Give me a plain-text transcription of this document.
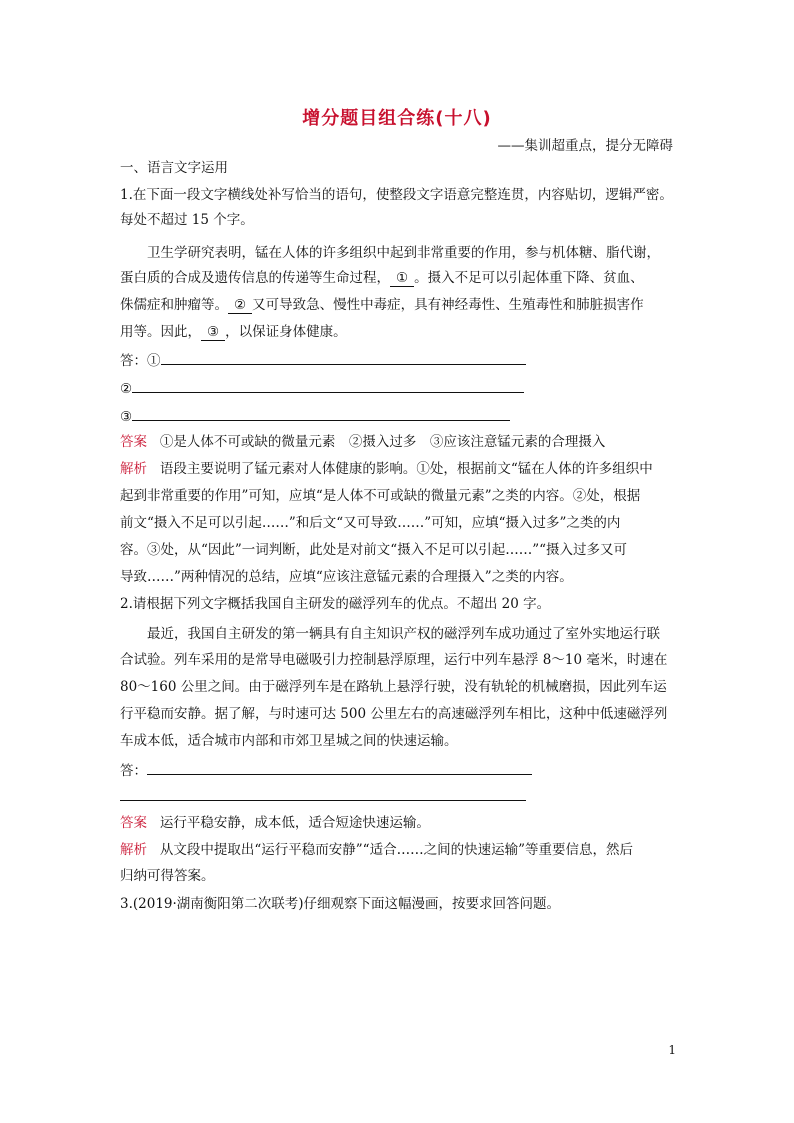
增分题目组合练(十八)
——集训超重点，提分无障碍
一、语言文字运用
1.在下面一段文字横线处补写恰当的语句，使整段文字语意完整连贯，内容贴切，逻辑严密。
每处不超过 15 个字。
卫生学研究表明，锰在人体的许多组织中起到非常重要的作用，参与机体糖、脂代谢，
蛋白质的合成及遗传信息的传递等生命过程， ① 。摄入不足可以引起体重下降、贫血、
侏儒症和肿瘤等。 ② 又可导致急、慢性中毒症，具有神经毒性、生殖毒性和肺脏损害作
用等。因此， ③ ，以保证身体健康。
答：①
②
③
答案 ①是人体不可或缺的微量元素　②摄入过多　③应该注意锰元素的合理摄入
解析 语段主要说明了锰元素对人体健康的影响。①处，根据前文“锰在人体的许多组织中
起到非常重要的作用”可知，应填“是人体不可或缺的微量元素”之类的内容。②处，根据
前文“摄入不足可以引起……”和后文“又可导致……”可知，应填“摄入过多”之类的内
容。③处，从“因此”一词判断，此处是对前文“摄入不足可以引起……”“摄入过多又可
导致……”两种情况的总结，应填“应该注意锰元素的合理摄入”之类的内容。
2.请根据下列文字概括我国自主研发的磁浮列车的优点。不超出 20 字。
最近，我国自主研发的第一辆具有自主知识产权的磁浮列车成功通过了室外实地运行联
合试验。列车采用的是常导电磁吸引力控制悬浮原理，运行中列车悬浮 8～10 毫米，时速在
80～160 公里之间。由于磁浮列车是在路轨上悬浮行驶，没有轨轮的机械磨损，因此列车运
行平稳而安静。据了解，与时速可达 500 公里左右的高速磁浮列车相比，这种中低速磁浮列
车成本低，适合城市内部和市郊卫星城之间的快速运输。
答：
答案 运行平稳安静，成本低，适合短途快速运输。
解析 从文段中提取出“运行平稳而安静”“适合……之间的快速运输”等重要信息，然后
归纳可得答案。
3.(2019·湖南衡阳第二次联考)仔细观察下面这幅漫画，按要求回答问题。
1
